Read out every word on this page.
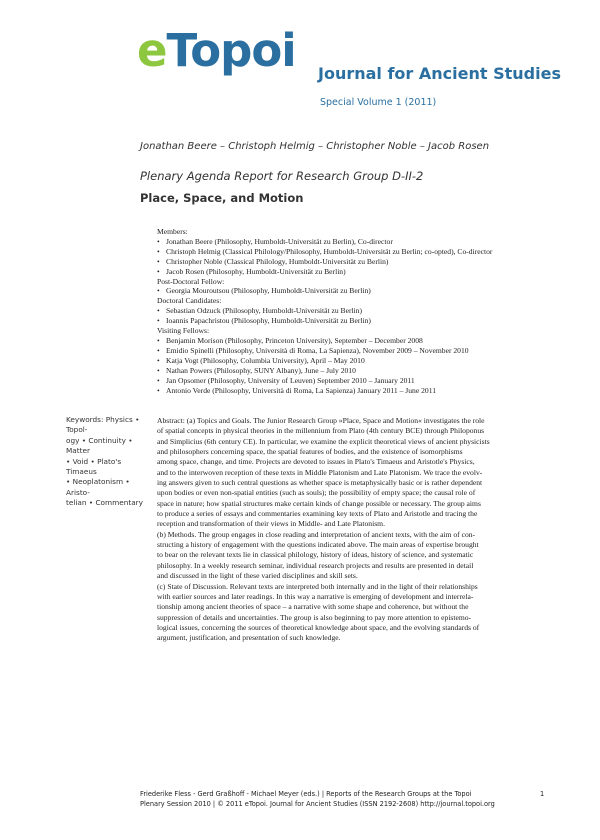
eTopoi Journal for Ancient Studies
Special Volume 1 (2011)
Jonathan Beere – Christoph Helmig – Christopher Noble – Jacob Rosen
Plenary Agenda Report for Research Group D-II-2
Place, Space, and Motion
Members:
• Jonathan Beere (Philosophy, Humboldt-Universität zu Berlin), Co-director
• Christoph Helmig (Classical Philology/Philosophy, Humboldt-Universität zu Berlin; co-opted), Co-director
• Christopher Noble (Classical Philology, Humboldt-Universität zu Berlin)
• Jacob Rosen (Philosophy, Humboldt-Universität zu Berlin)
Post-Doctoral Fellow:
• Georgia Mouroutsou (Philosophy, Humboldt-Universität zu Berlin)
Doctoral Candidates:
• Sebastian Odzuck (Philosophy, Humboldt-Universität zu Berlin)
• Ioannis Papachristou (Philosophy, Humboldt-Universität zu Berlin)
Visiting Fellows:
• Benjamin Morison (Philosophy, Princeton University), September – December 2008
• Emidio Spinelli (Philosophy, Università di Roma, La Sapienza), November 2009 – November 2010
• Katja Vogt (Philosophy, Columbia University), April – May 2010
• Nathan Powers (Philosophy, SUNY Albany), June – July 2010
• Jan Opsomer (Philosophy, University of Leuven) September 2010 – January 2011
• Antonio Verde (Philosophy, Università di Roma, La Sapienza) January 2011 – June 2011
Keywords: Physics • Topol-
ogy • Continuity • Matter
• Void • Plato's Timaeus
• Neoplatonism • Aristo-
telian • Commentary
Abstract: (a) Topics and Goals. The Junior Research Group »Place, Space and Motion« investigates the role
of spatial concepts in physical theories in the millennium from Plato (4th century BCE) through Philoponus
and Simplicius (6th century CE). In particular, we examine the explicit theoretical views of ancient physicists
and philosophers concerning space, the spatial features of bodies, and the existence of isomorphisms
among space, change, and time. Projects are devoted to issues in Plato's Timaeus and Aristotle's Physics,
and to the interwoven reception of these texts in Middle Platonism and Late Platonism. We trace the evolv-
ing answers given to such central questions as whether space is metaphysically basic or is rather dependent
upon bodies or even non-spatial entities (such as souls); the possibility of empty space; the causal role of
space in nature; how spatial structures make certain kinds of change possible or necessary. The group aims
to produce a series of essays and commentaries examining key texts of Plato and Aristotle and tracing the
reception and transformation of their views in Middle- and Late Platonism.
(b) Methods. The group engages in close reading and interpretation of ancient texts, with the aim of con-
structing a history of engagement with the questions indicated above. The main areas of expertise brought
to bear on the relevant texts lie in classical philology, history of ideas, history of science, and systematic
philosophy. In a weekly research seminar, individual research projects and results are presented in detail
and discussed in the light of these varied disciplines and skill sets.
(c) State of Discussion. Relevant texts are interpreted both internally and in the light of their relationships
with earlier sources and later readings. In this way a narrative is emerging of development and interrela-
tionship among ancient theories of space – a narrative with some shape and coherence, but without the
suppression of details and uncertainties. The group is also beginning to pay more attention to epistemo-
logical issues, concerning the sources of theoretical knowledge about space, and the evolving standards of
argument, justification, and presentation of such knowledge.
Friederike Fless - Gerd Graßhoff - Michael Meyer (eds.) | Reports of the Research Groups at the Topoi
Plenary Session 2010 | © 2011 eTopoi. Journal for Ancient Studies (ISSN 2192-2608) http://journal.topoi.org
1
